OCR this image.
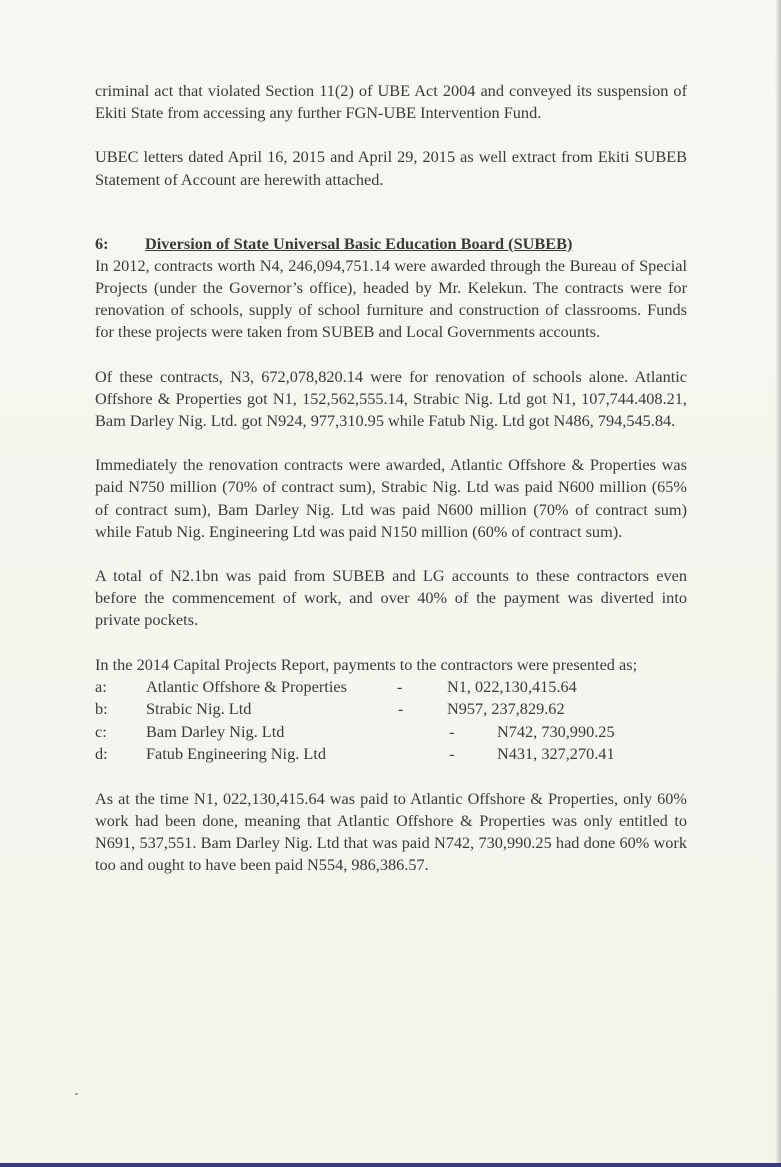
criminal act that violated Section 11(2) of UBE Act 2004 and conveyed its suspension of Ekiti State from accessing any further FGN-UBE Intervention Fund.

UBEC letters dated April 16, 2015 and April 29, 2015 as well extract from Ekiti SUBEB Statement of Account are herewith attached.

6: Diversion of State Universal Basic Education Board (SUBEB)

In 2012, contracts worth N4, 246,094,751.14 were awarded through the Bureau of Special Projects (under the Governor’s office), headed by Mr. Kelekun. The contracts were for renovation of schools, supply of school furniture and construction of classrooms. Funds for these projects were taken from SUBEB and Local Governments accounts.

Of these contracts, N3, 672,078,820.14 were for renovation of schools alone. Atlantic Offshore & Properties got N1, 152,562,555.14, Strabic Nig. Ltd got N1, 107,744.408.21, Bam Darley Nig. Ltd. got N924, 977,310.95 while Fatub Nig. Ltd got N486, 794,545.84.

Immediately the renovation contracts were awarded, Atlantic Offshore & Properties was paid N750 million (70% of contract sum), Strabic Nig. Ltd was paid N600 million (65% of contract sum), Bam Darley Nig. Ltd was paid N600 million (70% of contract sum) while Fatub Nig. Engineering Ltd was paid N150 million (60% of contract sum).

A total of N2.1bn was paid from SUBEB and LG accounts to these contractors even before the commencement of work, and over 40% of the payment was diverted into private pockets.

In the 2014 Capital Projects Report, payments to the contractors were presented as;

a: Atlantic Offshore & Properties	-	N1, 022,130,415.64
b: Strabic Nig. Ltd	-	N957, 237,829.62
c: Bam Darley Nig. Ltd	-	N742, 730,990.25
d: Fatub Engineering Nig. Ltd	-	N431, 327,270.41

As at the time N1, 022,130,415.64 was paid to Atlantic Offshore & Properties, only 60% work had been done, meaning that Atlantic Offshore & Properties was only entitled to N691, 537,551. Bam Darley Nig. Ltd that was paid N742, 730,990.25 had done 60% work too and ought to have been paid N554, 986,386.57.
